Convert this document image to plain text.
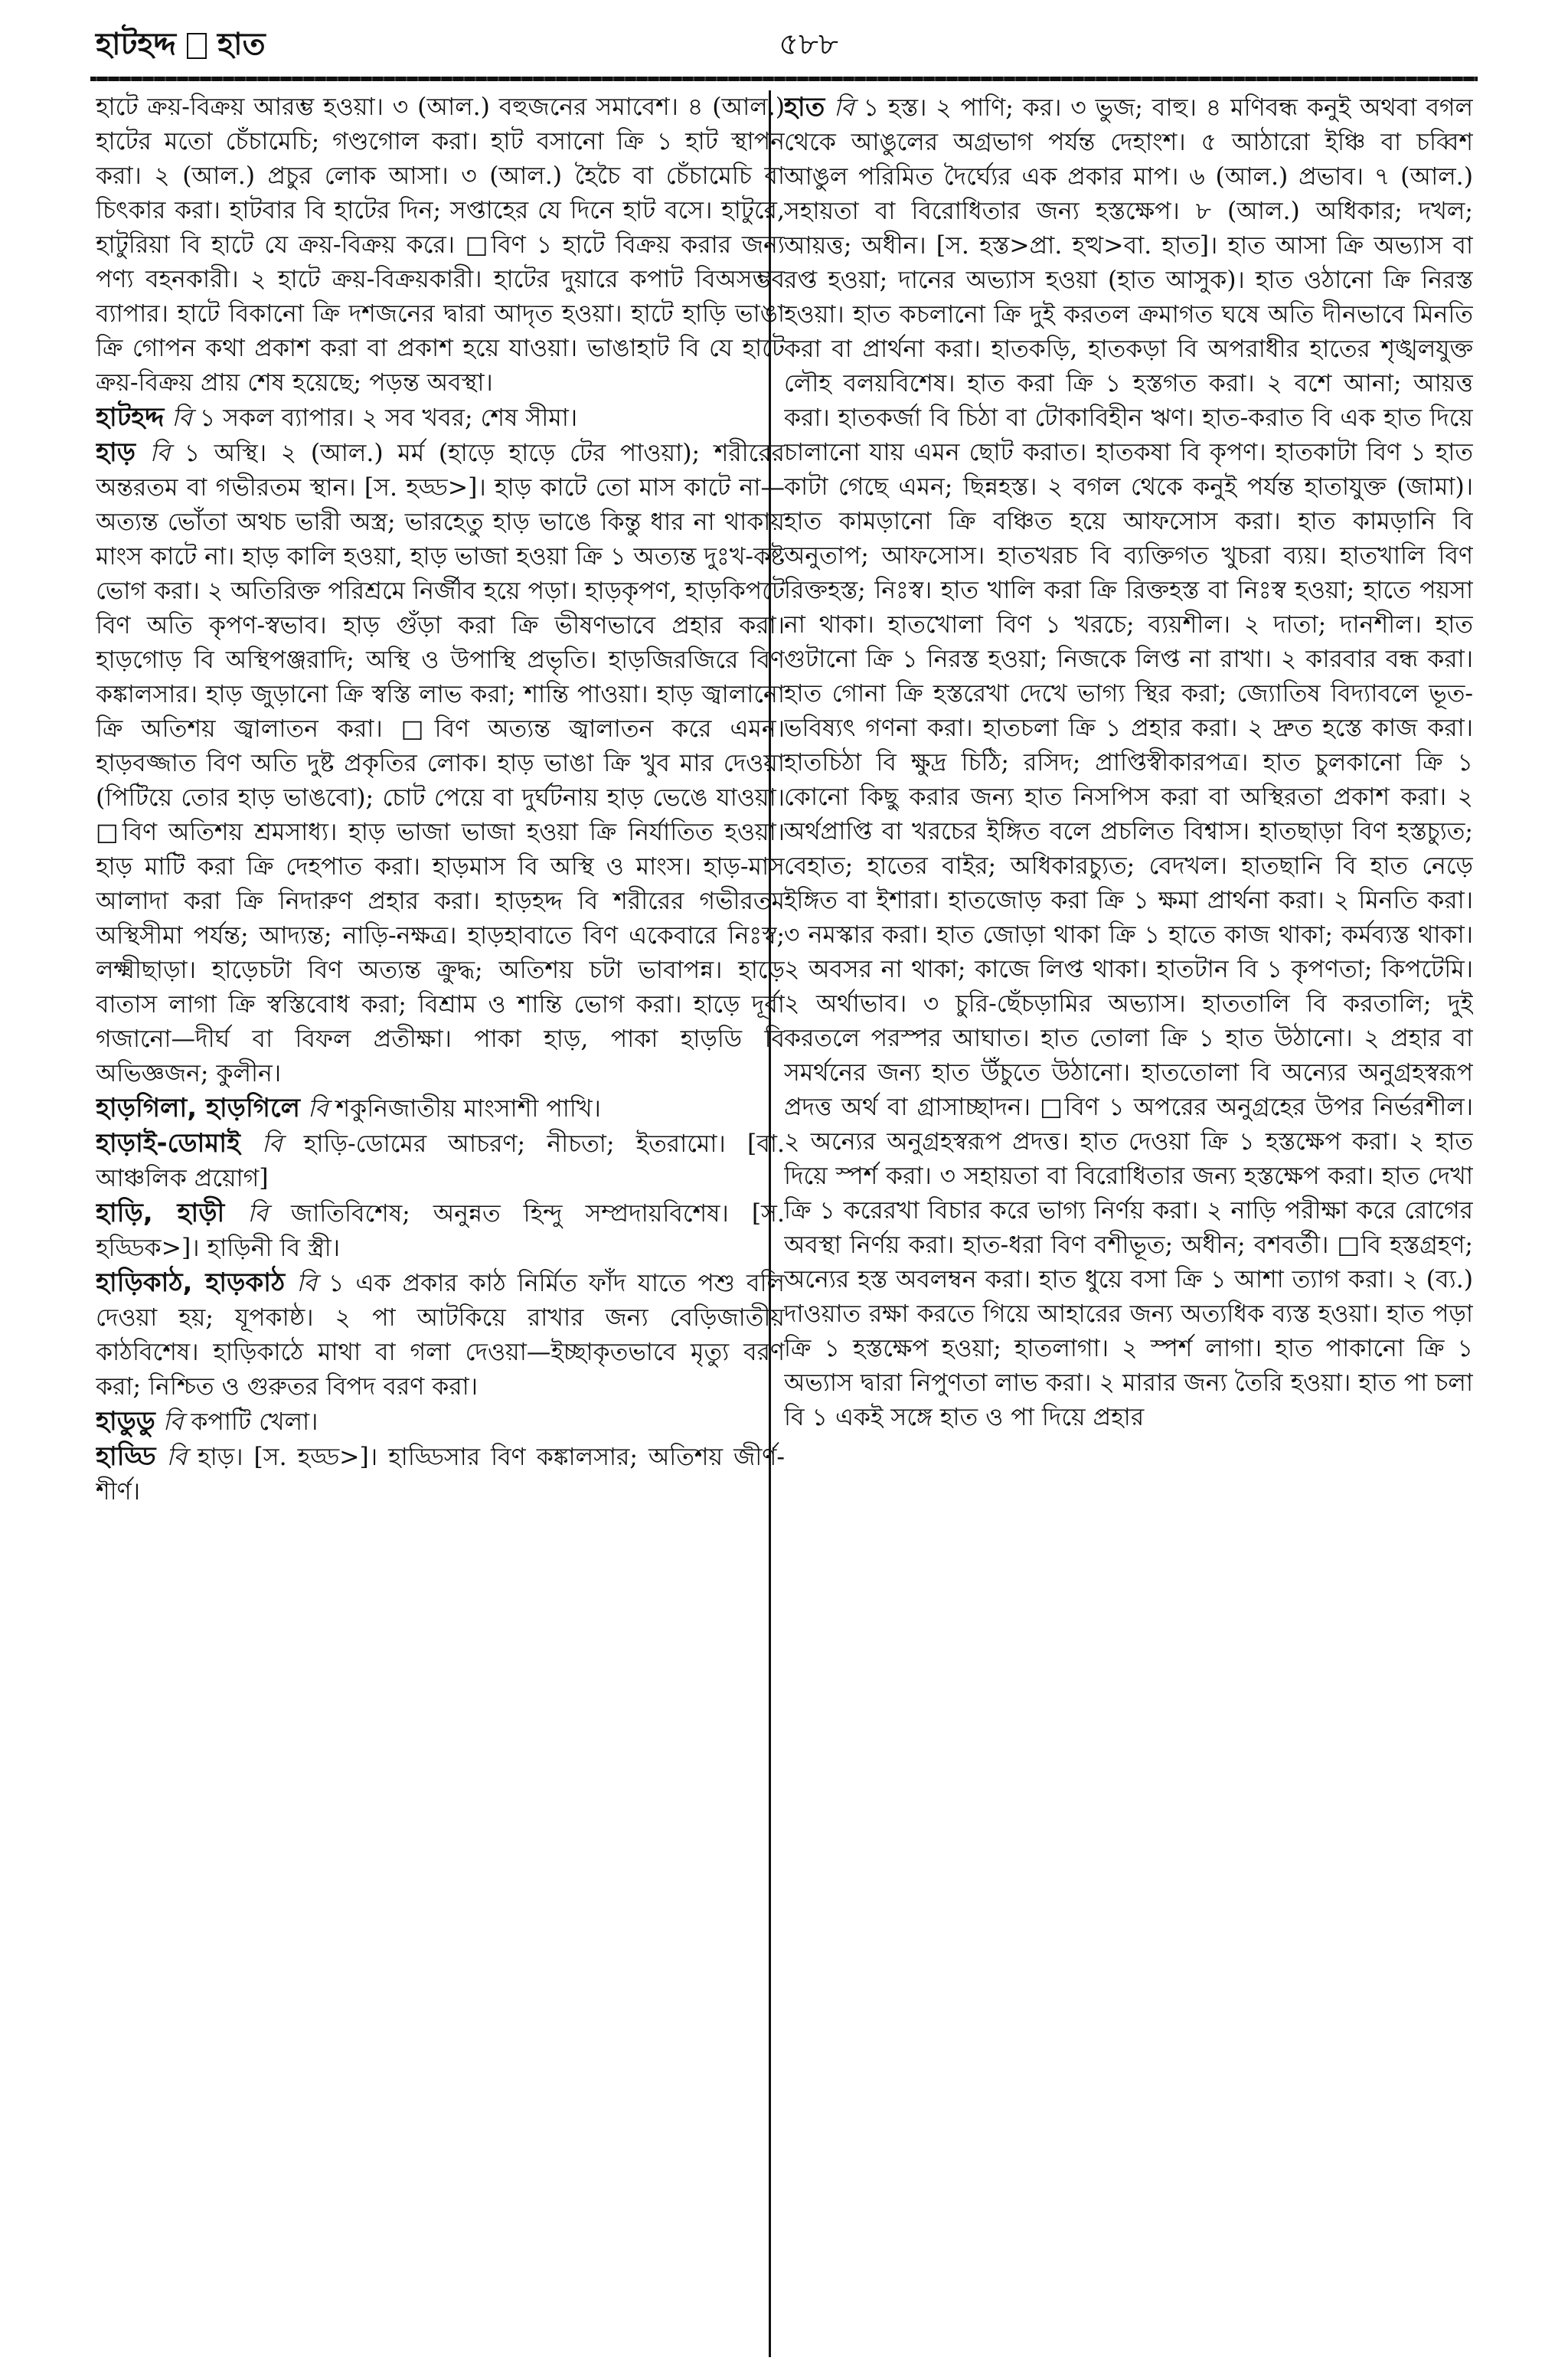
হাটহদ্দ হাত	৫৮৮

হাটে ক্রয়-বিক্রয় আরম্ভ হওয়া। ৩ (আল.) বহুজনের সমাবেশ। ৪ (আল.) হাটের মতো চেঁচামেচি; গণ্ডগোল করা। হাট বসানো ক্রি ১ হাট স্থাপন করা। ২ (আল.) প্রচুর লোক আসা। ৩ (আল.) হৈচৈ বা চেঁচামেচি বা চিৎকার করা। হাটবার বি হাটের দিন; সপ্তাহের যে দিনে হাট বসে। হাটুরে, হাটুরিয়া বি হাটে যে ক্রয়-বিক্রয় করে। □বিণ ১ হাটে বিক্রয় করার জন্য পণ্য বহনকারী। ২ হাটে ক্রয়-বিক্রয়কারী। হাটের দুয়ারে কপাট বিঅসম্ভব ব্যাপার। হাটে বিকানো ক্রি দশজনের দ্বারা আদৃত হওয়া। হাটে হাড়ি ভাঙা ক্রি গোপন কথা প্রকাশ করা বা প্রকাশ হয়ে যাওয়া। ভাঙাহাট বি যে হাটে ক্রয়-বিক্রয় প্রায় শেষ হয়েছে; পড়ন্ত অবস্থা।

হাটহদ্দ বি ১ সকল ব্যাপার। ২ সব খবর; শেষ সীমা।

হাড় বি ১ অস্থি। ২ (আল.) মর্ম (হাড়ে হাড়ে টের পাওয়া); শরীরের অন্তরতম বা গভীরতম স্থান। [স. হড্ড>]। হাড় কাটে তো মাস কাটে না—অত্যন্ত ভোঁতা অথচ ভারী অস্ত্র; ভারহেতু হাড় ভাঙে কিন্তু ধার না থাকায় মাংস কাটে না। হাড় কালি হওয়া, হাড় ভাজা হওয়া ক্রি ১ অত্যন্ত দুঃখ-কষ্ট ভোগ করা। ২ অতিরিক্ত পরিশ্রমে নির্জীব হয়ে পড়া। হাড়কৃপণ, হাড়কিপটে বিণ অতি কৃপণ-স্বভাব। হাড় গুঁড়া করা ক্রি ভীষণভাবে প্রহার করা। হাড়গোড় বি অস্থিপঞ্জরাদি; অস্থি ও উপাস্থি প্রভৃতি। হাড়জিরজিরে বিণ কঙ্কালসার। হাড় জুড়ানো ক্রি স্বস্তি লাভ করা; শান্তি পাওয়া। হাড় জ্বালানো ক্রি অতিশয় জ্বালাতন করা। □বিণ অত্যন্ত জ্বালাতন করে এমন। হাড়বজ্জাত বিণ অতি দুষ্ট প্রকৃতির লোক। হাড় ভাঙা ক্রি খুব মার দেওয়া (পিটিয়ে তোর হাড় ভাঙবো); চোট পেয়ে বা দুর্ঘটনায় হাড় ভেঙে যাওয়া। □বিণ অতিশয় শ্রমসাধ্য। হাড় ভাজা ভাজা হওয়া ক্রি নির্যাতিত হওয়া। হাড় মাটি করা ক্রি দেহপাত করা। হাড়মাস বি অস্থি ও মাংস। হাড়-মাস আলাদা করা ক্রি নিদারুণ প্রহার করা। হাড়হদ্দ বি শরীরের গভীরতম অস্থিসীমা পর্যন্ত; আদ্যন্ত; নাড়ি-নক্ষত্র। হাড়হাবাতে বিণ একেবারে নিঃস্ব; লক্ষ্মীছাড়া। হাড়েচটা বিণ অত্যন্ত ক্রুদ্ধ; অতিশয় চটা ভাবাপন্ন। হাড়ে বাতাস লাগা ক্রি স্বস্তিবোধ করা; বিশ্রাম ও শান্তি ভোগ করা। হাড়ে দূর্বা গজানো—দীর্ঘ বা বিফল প্রতীক্ষা। পাকা হাড়, পাকা হাড়ডি বি অভিজ্ঞজন; কুলীন।

হাড়গিলা, হাড়গিলে বি শকুনিজাতীয় মাংসাশী পাখি।

হাড়াই-ডোমাই বি হাড়ি-ডোমের আচরণ; নীচতা; ইতরামো। [বা. আঞ্চলিক প্রয়োগ]

হাড়ি, হাড়ী বি জাতিবিশেষ; অনুন্নত হিন্দু সম্প্রদায়বিশেষ। [স. হড্ডিক>]। হাড়িনী বি স্ত্রী।

হাড়িকাঠ, হাড়কাঠ বি ১ এক প্রকার কাঠ নির্মিত ফাঁদ যাতে পশু বলি দেওয়া হয়; যূপকাষ্ঠ। ২ পা আটকিয়ে রাখার জন্য বেড়িজাতীয় কাঠবিশেষ। হাড়িকাঠে মাথা বা গলা দেওয়া—ইচ্ছাকৃতভাবে মৃত্যু বরণ করা; নিশ্চিত ও গুরুতর বিপদ বরণ করা।

হাডুডু বি কপাটি খেলা।

হাড্ডি বি হাড়। [স. হড্ড>]। হাড্ডিসার বিণ কঙ্কালসার; অতিশয় জীর্ণ-শীর্ণ।

হাত বি ১ হস্ত। ২ পাণি; কর। ৩ ভুজ; বাহু। ৪ মণিবন্ধ কনুই অথবা বগল থেকে আঙুলের অগ্রভাগ পর্যন্ত দেহাংশ। ৫ আঠারো ইঞ্চি বা চব্বিশ আঙুল পরিমিত দৈর্ঘ্যের এক প্রকার মাপ। ৬ (আল.) প্রভাব। ৭ (আল.) সহায়তা বা বিরোধিতার জন্য হস্তক্ষেপ। ৮ (আল.) অধিকার; দখল; আয়ত্ত; অধীন। [স. হস্ত>প্রা. হত্থ>বা. হাত]। হাত আসা ক্রি অভ্যাস বা রপ্ত হওয়া; দানের অভ্যাস হওয়া (হাত আসুক)। হাত ওঠানো ক্রি নিরস্ত হওয়া। হাত কচলানো ক্রি দুই করতল ক্রমাগত ঘষে অতি দীনভাবে মিনতি করা বা প্রার্থনা করা। হাতকড়ি, হাতকড়া বি অপরাধীর হাতের শৃঙ্খলযুক্ত লৌহ বলয়বিশেষ। হাত করা ক্রি ১ হস্তগত করা। ২ বশে আনা; আয়ত্ত করা। হাতকর্জা বি চিঠা বা টোকাবিহীন ঋণ। হাত-করাত বি এক হাত দিয়ে চালানো যায় এমন ছোট করাত। হাতকষা বি কৃপণ। হাতকাটা বিণ ১ হাত কাটা গেছে এমন; ছিন্নহস্ত। ২ বগল থেকে কনুই পর্যন্ত হাতাযুক্ত (জামা)। হাত কামড়ানো ক্রি বঞ্চিত হয়ে আফসোস করা। হাত কামড়ানি বি অনুতাপ; আফসোস। হাতখরচ বি ব্যক্তিগত খুচরা ব্যয়। হাতখালি বিণ রিক্তহস্ত; নিঃস্ব। হাত খালি করা ক্রি রিক্তহস্ত বা নিঃস্ব হওয়া; হাতে পয়সা না থাকা। হাতখোলা বিণ ১ খরচে; ব্যয়শীল। ২ দাতা; দানশীল। হাত গুটানো ক্রি ১ নিরস্ত হওয়া; নিজকে লিপ্ত না রাখা। ২ কারবার বন্ধ করা। হাত গোনা ক্রি হস্তরেখা দেখে ভাগ্য স্থির করা; জ্যোতিষ বিদ্যাবলে ভূত-ভবিষ্যৎ গণনা করা। হাতচলা ক্রি ১ প্রহার করা। ২ দ্রুত হস্তে কাজ করা। হাতচিঠা বি ক্ষুদ্র চিঠি; রসিদ; প্রাপ্তিস্বীকারপত্র। হাত চুলকানো ক্রি ১ কোনো কিছু করার জন্য হাত নিসপিস করা বা অস্থিরতা প্রকাশ করা। ২ অর্থপ্রাপ্তি বা খরচের ইঙ্গিত বলে প্রচলিত বিশ্বাস। হাতছাড়া বিণ হস্তচ্যুত; বেহাত; হাতের বাইর; অধিকারচ্যুত; বেদখল। হাতছানি বি হাত নেড়ে ইঙ্গিত বা ইশারা। হাতজোড় করা ক্রি ১ ক্ষমা প্রার্থনা করা। ২ মিনতি করা। ৩ নমস্কার করা। হাত জোড়া থাকা ক্রি ১ হাতে কাজ থাকা; কর্মব্যস্ত থাকা। ২ অবসর না থাকা; কাজে লিপ্ত থাকা। হাতটান বি ১ কৃপণতা; কিপটেমি। ২ অর্থাভাব। ৩ চুরি-ছেঁচড়ামির অভ্যাস। হাততালি বি করতালি; দুই করতলে পরস্পর আঘাত। হাত তোলা ক্রি ১ হাত উঠানো। ২ প্রহার বা সমর্থনের জন্য হাত উঁচুতে উঠানো। হাততোলা বি অন্যের অনুগ্রহস্বরূপ প্রদত্ত অর্থ বা গ্রাসাচ্ছাদন। □বিণ ১ অপরের অনুগ্রহের উপর নির্ভরশীল। ২ অন্যের অনুগ্রহস্বরূপ প্রদত্ত। হাত দেওয়া ক্রি ১ হস্তক্ষেপ করা। ২ হাত দিয়ে স্পর্শ করা। ৩ সহায়তা বা বিরোধিতার জন্য হস্তক্ষেপ করা। হাত দেখা ক্রি ১ করেরখা বিচার করে ভাগ্য নির্ণয় করা। ২ নাড়ি পরীক্ষা করে রোগের অবস্থা নির্ণয় করা। হাত-ধরা বিণ বশীভূত; অধীন; বশবর্তী। □বি হস্তগ্রহণ; অন্যের হস্ত অবলম্বন করা। হাত ধুয়ে বসা ক্রি ১ আশা ত্যাগ করা। ২ (ব্য.) দাওয়াত রক্ষা করতে গিয়ে আহারের জন্য অত্যধিক ব্যস্ত হওয়া। হাত পড়া ক্রি ১ হস্তক্ষেপ হওয়া; হাতলাগা। ২ স্পর্শ লাগা। হাত পাকানো ক্রি ১ অভ্যাস দ্বারা নিপুণতা লাভ করা। ২ মারার জন্য তৈরি হওয়া। হাত পা চলা বি ১ একই সঙ্গে হাত ও পা দিয়ে প্রহার
